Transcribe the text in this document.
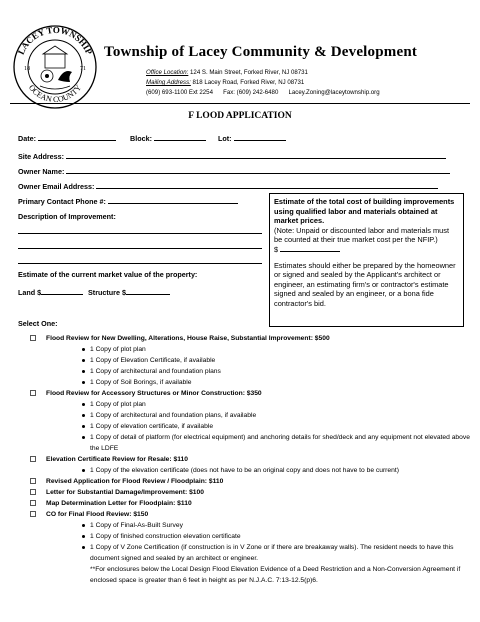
LACEY TOWNSHIP
OCEAN COUNTY
18	71
Township of Lacey Community & Development
Office Location: 124 S. Main Street, Forked River, NJ 08731
Mailing Address: 818 Lacey Road, Forked River, NJ 08731
(609) 693-1100 Ext 2254      Fax: (609) 242-6480      Lacey.Zoning@laceytownship.org
F LOOD APPLICATION
Date:	Block:	Lot:
Site Address:
Owner Name:
Owner Email Address:
Primary Contact Phone #:
Description of Improvement:
Estimate of the current market value of the property:
Land $	Structure $
Select One:
Estimate of the total cost of building improvements using qualified labor and materials obtained at market prices.
(Note: Unpaid or discounted labor and materials must be counted at their true market cost per the NFIP.)
$
Estimates should either be prepared by the homeowner or signed and sealed by the Applicant's architect or engineer, an estimating firm's or contractor's estimate signed and sealed by an engineer, or a bona fide contractor's bid.
Flood Review for New Dwelling, Alterations, House Raise, Substantial Improvement: $500
1 Copy of plot plan
1 Copy of Elevation Certificate, if available
1 Copy of architectural and foundation plans
1 Copy of Soil Borings, if available
Flood Review for Accessory Structures or Minor Construction: $350
1 Copy of plot plan
1 Copy of architectural and foundation plans, if available
1 Copy of elevation certificate, if available
1 Copy of detail of platform (for electrical equipment) and anchoring details for shed/deck and any equipment not elevated above the LDFE
Elevation Certificate Review for Resale: $110
1 Copy of the elevation certificate (does not have to be an original copy and does not have to be current)
Revised Application for Flood Review / Floodplain: $110
Letter for Substantial Damage/Improvement: $100
Map Determination Letter for Floodplain: $110
CO for Final Flood Review: $150
1 Copy of Final-As-Built Survey
1 Copy of finished construction elevation certificate
1 Copy of V Zone Certification (if construction is in V Zone or if there are breakaway walls). The resident needs to have this document signed and sealed by an architect or engineer.
**For enclosures below the Local Design Flood Elevation Evidence of a Deed Restriction and a Non-Conversion Agreement if enclosed space is greater than 6 feet in height as per N.J.A.C. 7:13-12.5(p)6.
